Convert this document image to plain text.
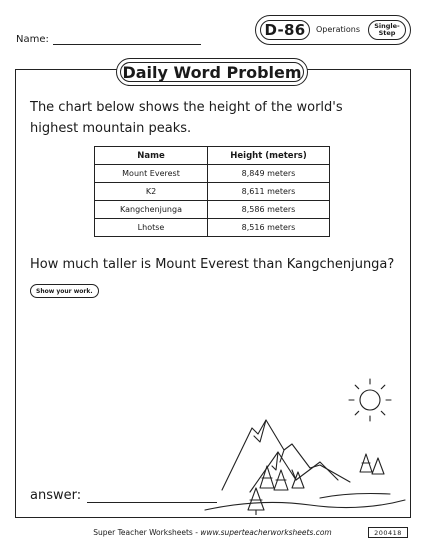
Name:
D-86	Operations	Single-
Step
Daily Word Problem
The chart below shows the height of the world's highest mountain peaks.
Name	Height (meters)
Mount Everest	8,849 meters
K2	8,611 meters
Kangchenjunga	8,586 meters
Lhotse	8,516 meters
How much taller is Mount Everest than Kangchenjunga?
Show your work.
answer:
Super Teacher Worksheets - www.superteacherworksheets.com	200418
